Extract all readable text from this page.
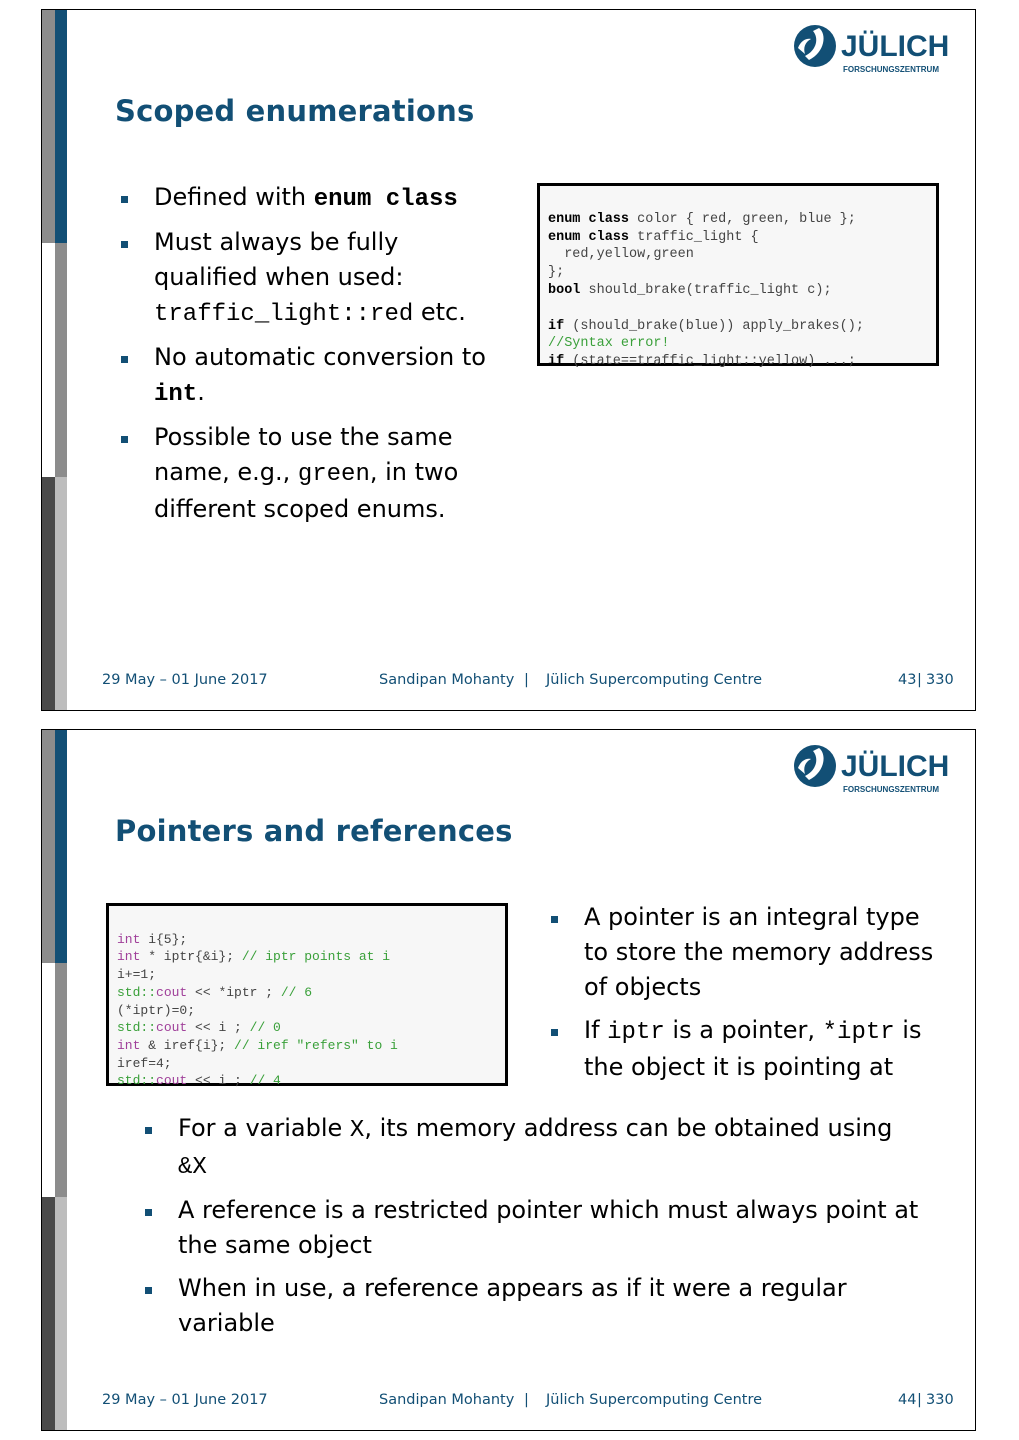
JÜLICH
FORSCHUNGSZENTRUM
Scoped enumerations
Defined with enum class
Must always be fully qualified when used:
traffic_light::red etc.
No automatic conversion to
int.
Possible to use the same name, e.g., green, in two different scoped enums.

enum class color { red, green, blue };
enum class traffic_light {
red,yellow,green
};
bool should_brake(traffic_light c);

if (should_brake(blue)) apply_brakes();
//Syntax error!
if (state==traffic_light::yellow) ...;
29 May – 01 June 2017	Sandipan Mohanty | Jülich Supercomputing Centre	43 | 330
JÜLICH
FORSCHUNGSZENTRUM
Pointers and references

int i{5};
int * iptr{&i}; // iptr points at i
i+=1;
std::cout << *iptr ; // 6
(*iptr)=0;
std::cout << i ; // 0
int & iref{i}; // iref "refers" to i
iref=4;
std::cout << i ; // 4
A pointer is an integral type to store the memory address of objects
If iptr is a pointer, *iptr is the object it is pointing at
For a variable X, its memory address can be obtained using &X
A reference is a restricted pointer which must always point at the same object
When in use, a reference appears as if it were a regular variable
29 May – 01 June 2017	Sandipan Mohanty | Jülich Supercomputing Centre	44 | 330
